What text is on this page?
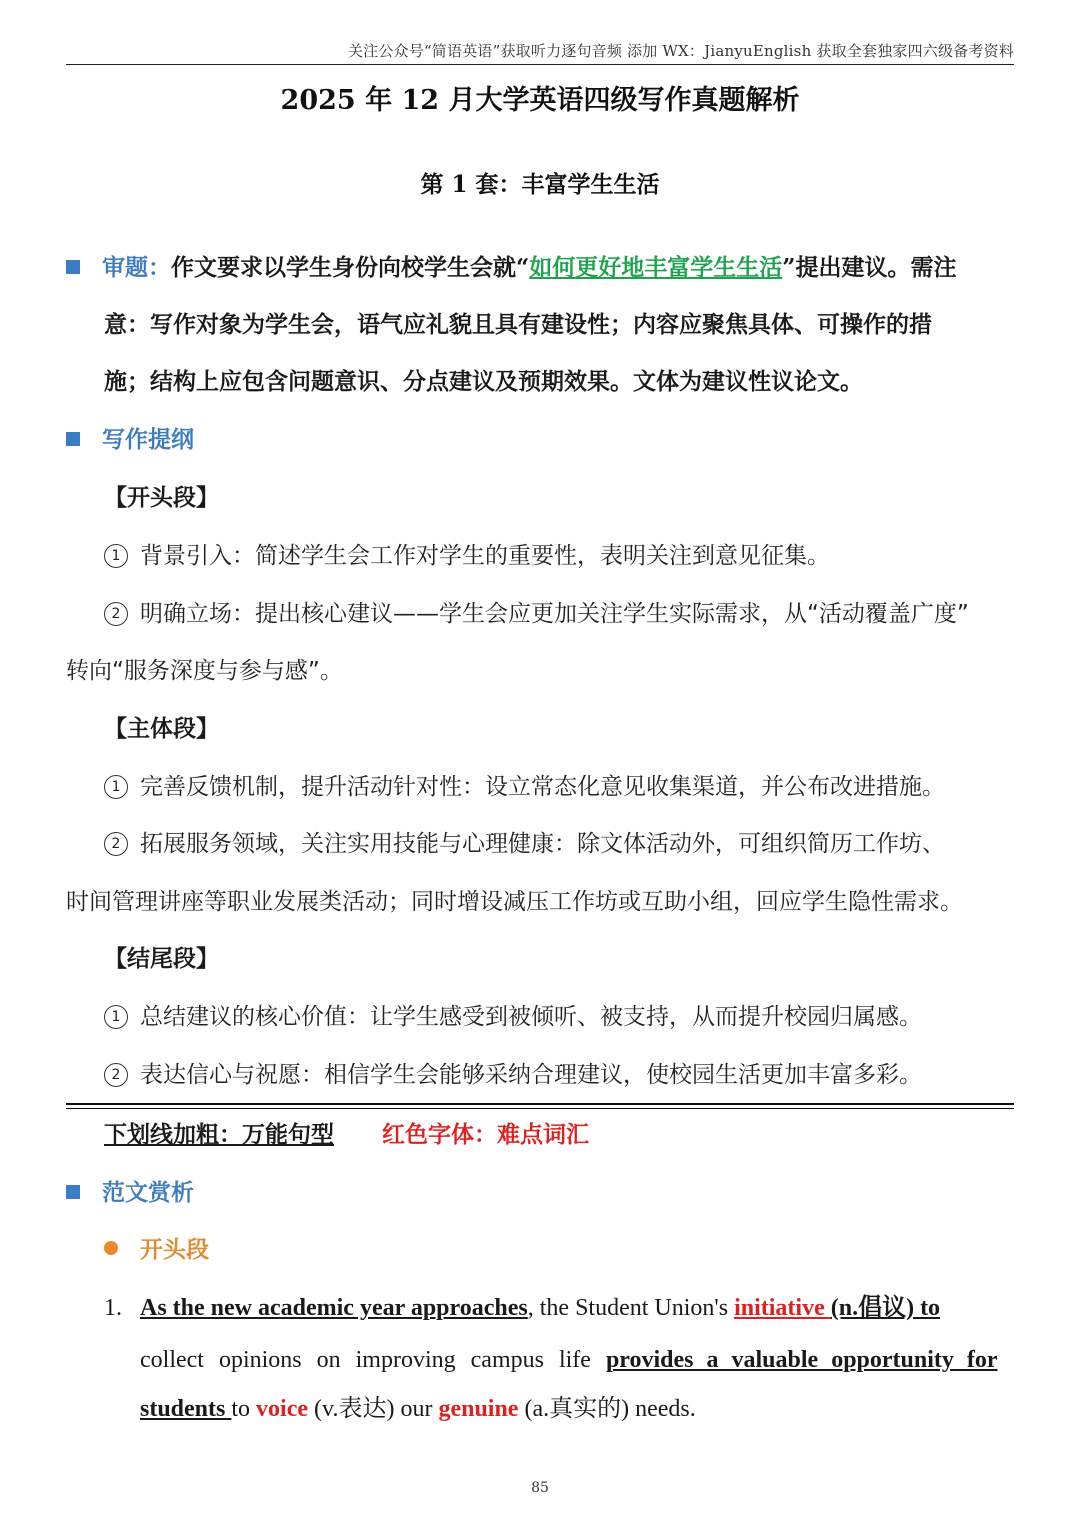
关注公众号“简语英语”获取听力逐句音频 添加 WX：JianyuEnglish 获取全套独家四六级备考资料
2025 年 12 月大学英语四级写作真题解析
第 1 套：丰富学生生活
审题：作文要求以学生身份向校学生会就“如何更好地丰富学生生活”提出建议。需注
意：写作对象为学生会，语气应礼貌且具有建设性；内容应聚焦具体、可操作的措
施；结构上应包含问题意识、分点建议及预期效果。文体为建议性议论文。
写作提纲
【开头段】
1 背景引入：简述学生会工作对学生的重要性，表明关注到意见征集。
2 明确立场：提出核心建议——学生会应更加关注学生实际需求，从“活动覆盖广度”
转向“服务深度与参与感”。
【主体段】
1 完善反馈机制，提升活动针对性：设立常态化意见收集渠道，并公布改进措施。
2 拓展服务领域，关注实用技能与心理健康：除文体活动外，可组织简历工作坊、
时间管理讲座等职业发展类活动；同时增设减压工作坊或互助小组，回应学生隐性需求。
【结尾段】
1 总结建议的核心价值：让学生感受到被倾听、被支持，从而提升校园归属感。
2 表达信心与祝愿：相信学生会能够采纳合理建议，使校园生活更加丰富多彩。
下划线加粗：万能句型 红色字体：难点词汇
范文赏析
开头段
1. As the new academic year approaches, the Student Union's initiative (n.倡议) to
collect opinions on improving campus life provides a valuable opportunity for
students to voice (v.表达) our genuine (a.真实的) needs.
85
